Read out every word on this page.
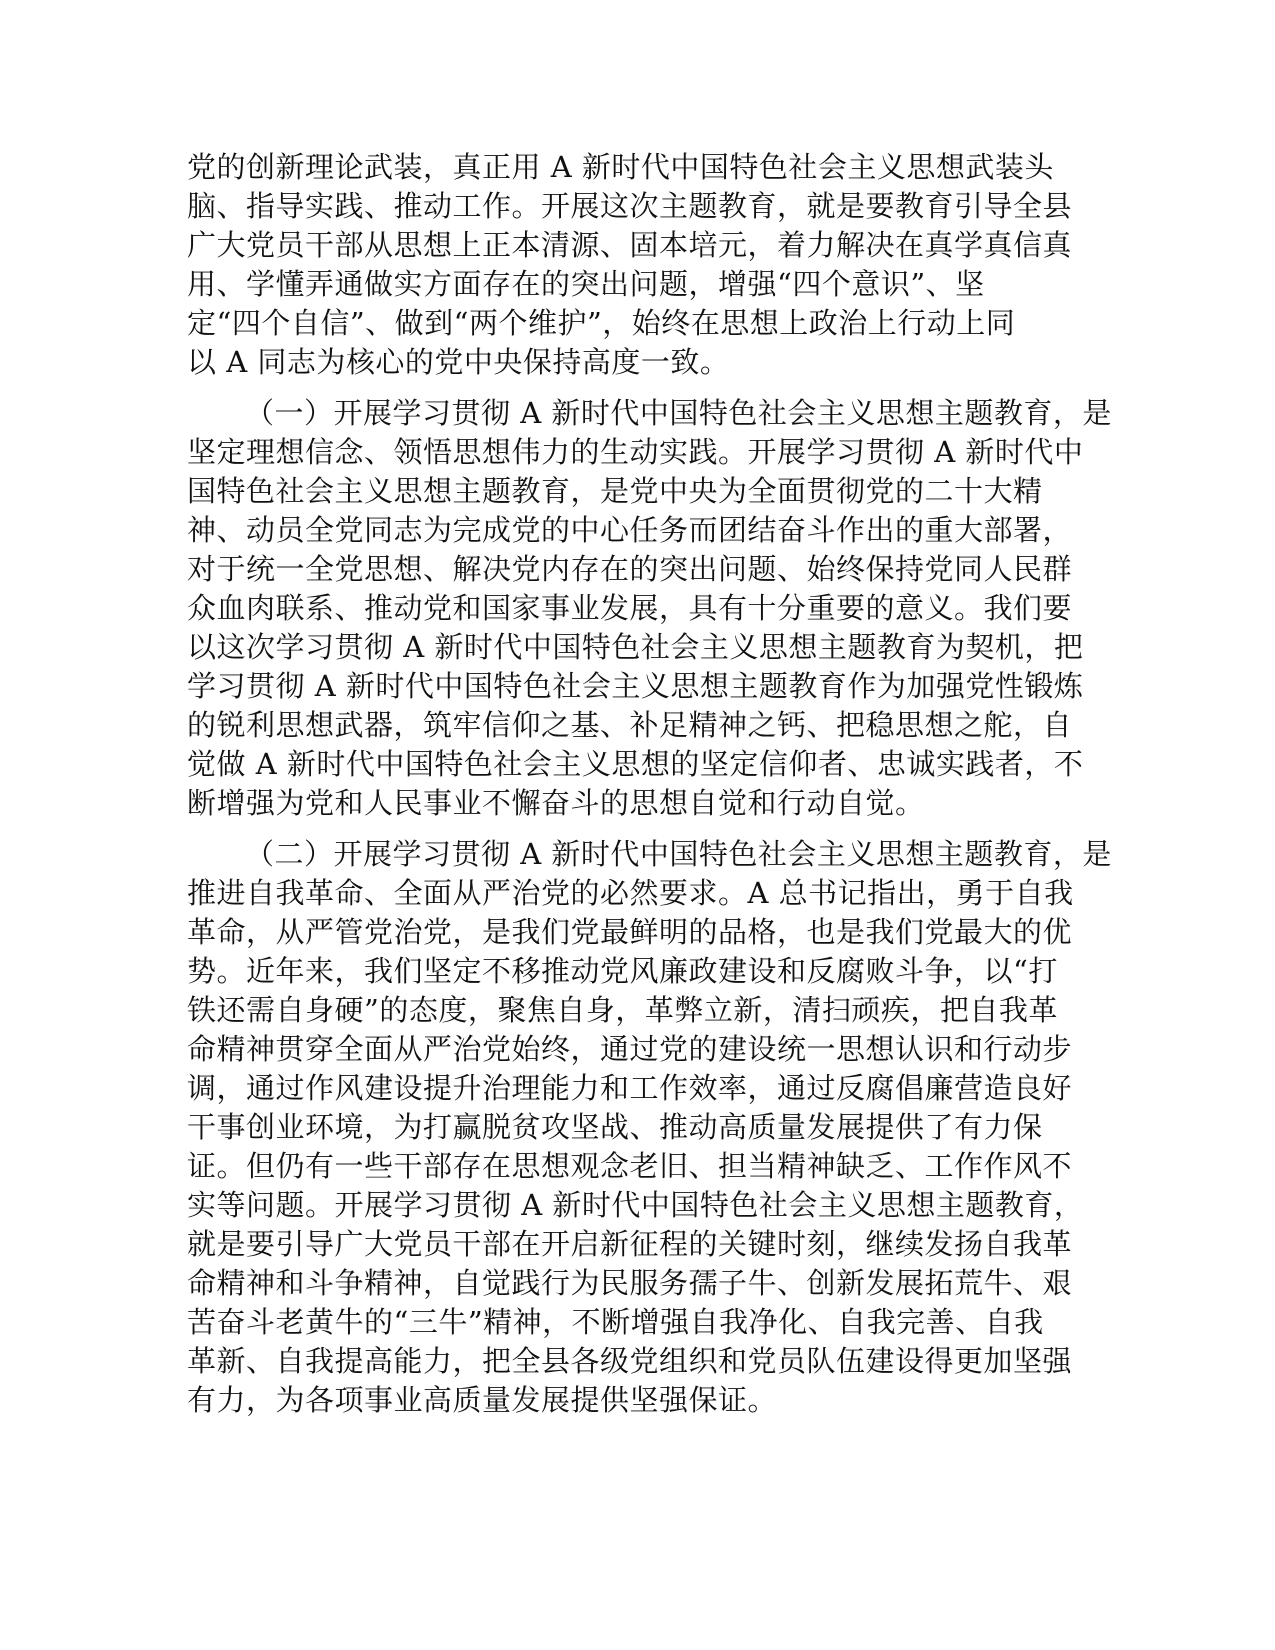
党的创新理论武装，真正用 A 新时代中国特色社会主义思想武装头
脑、指导实践、推动工作。开展这次主题教育，就是要教育引导全县
广大党员干部从思想上正本清源、固本培元，着力解决在真学真信真
用、学懂弄通做实方面存在的突出问题，增强“四个意识”、坚
定“四个自信”、做到“两个维护”，始终在思想上政治上行动上同
以 A 同志为核心的党中央保持高度一致。

（一）开展学习贯彻 A 新时代中国特色社会主义思想主题教育，是
坚定理想信念、领悟思想伟力的生动实践。开展学习贯彻 A 新时代中
国特色社会主义思想主题教育，是党中央为全面贯彻党的二十大精
神、动员全党同志为完成党的中心任务而团结奋斗作出的重大部署，
对于统一全党思想、解决党内存在的突出问题、始终保持党同人民群
众血肉联系、推动党和国家事业发展，具有十分重要的意义。我们要
以这次学习贯彻 A 新时代中国特色社会主义思想主题教育为契机，把
学习贯彻 A 新时代中国特色社会主义思想主题教育作为加强党性锻炼
的锐利思想武器，筑牢信仰之基、补足精神之钙、把稳思想之舵，自
觉做 A 新时代中国特色社会主义思想的坚定信仰者、忠诚实践者，不
断增强为党和人民事业不懈奋斗的思想自觉和行动自觉。

（二）开展学习贯彻 A 新时代中国特色社会主义思想主题教育，是
推进自我革命、全面从严治党的必然要求。A 总书记指出，勇于自我
革命，从严管党治党，是我们党最鲜明的品格，也是我们党最大的优
势。近年来，我们坚定不移推动党风廉政建设和反腐败斗争，以“打
铁还需自身硬”的态度，聚焦自身，革弊立新，清扫顽疾，把自我革
命精神贯穿全面从严治党始终，通过党的建设统一思想认识和行动步
调，通过作风建设提升治理能力和工作效率，通过反腐倡廉营造良好
干事创业环境，为打赢脱贫攻坚战、推动高质量发展提供了有力保
证。但仍有一些干部存在思想观念老旧、担当精神缺乏、工作作风不
实等问题。开展学习贯彻 A 新时代中国特色社会主义思想主题教育，
就是要引导广大党员干部在开启新征程的关键时刻，继续发扬自我革
命精神和斗争精神，自觉践行为民服务孺子牛、创新发展拓荒牛、艰
苦奋斗老黄牛的“三牛”精神，不断增强自我净化、自我完善、自我
革新、自我提高能力，把全县各级党组织和党员队伍建设得更加坚强
有力，为各项事业高质量发展提供坚强保证。
